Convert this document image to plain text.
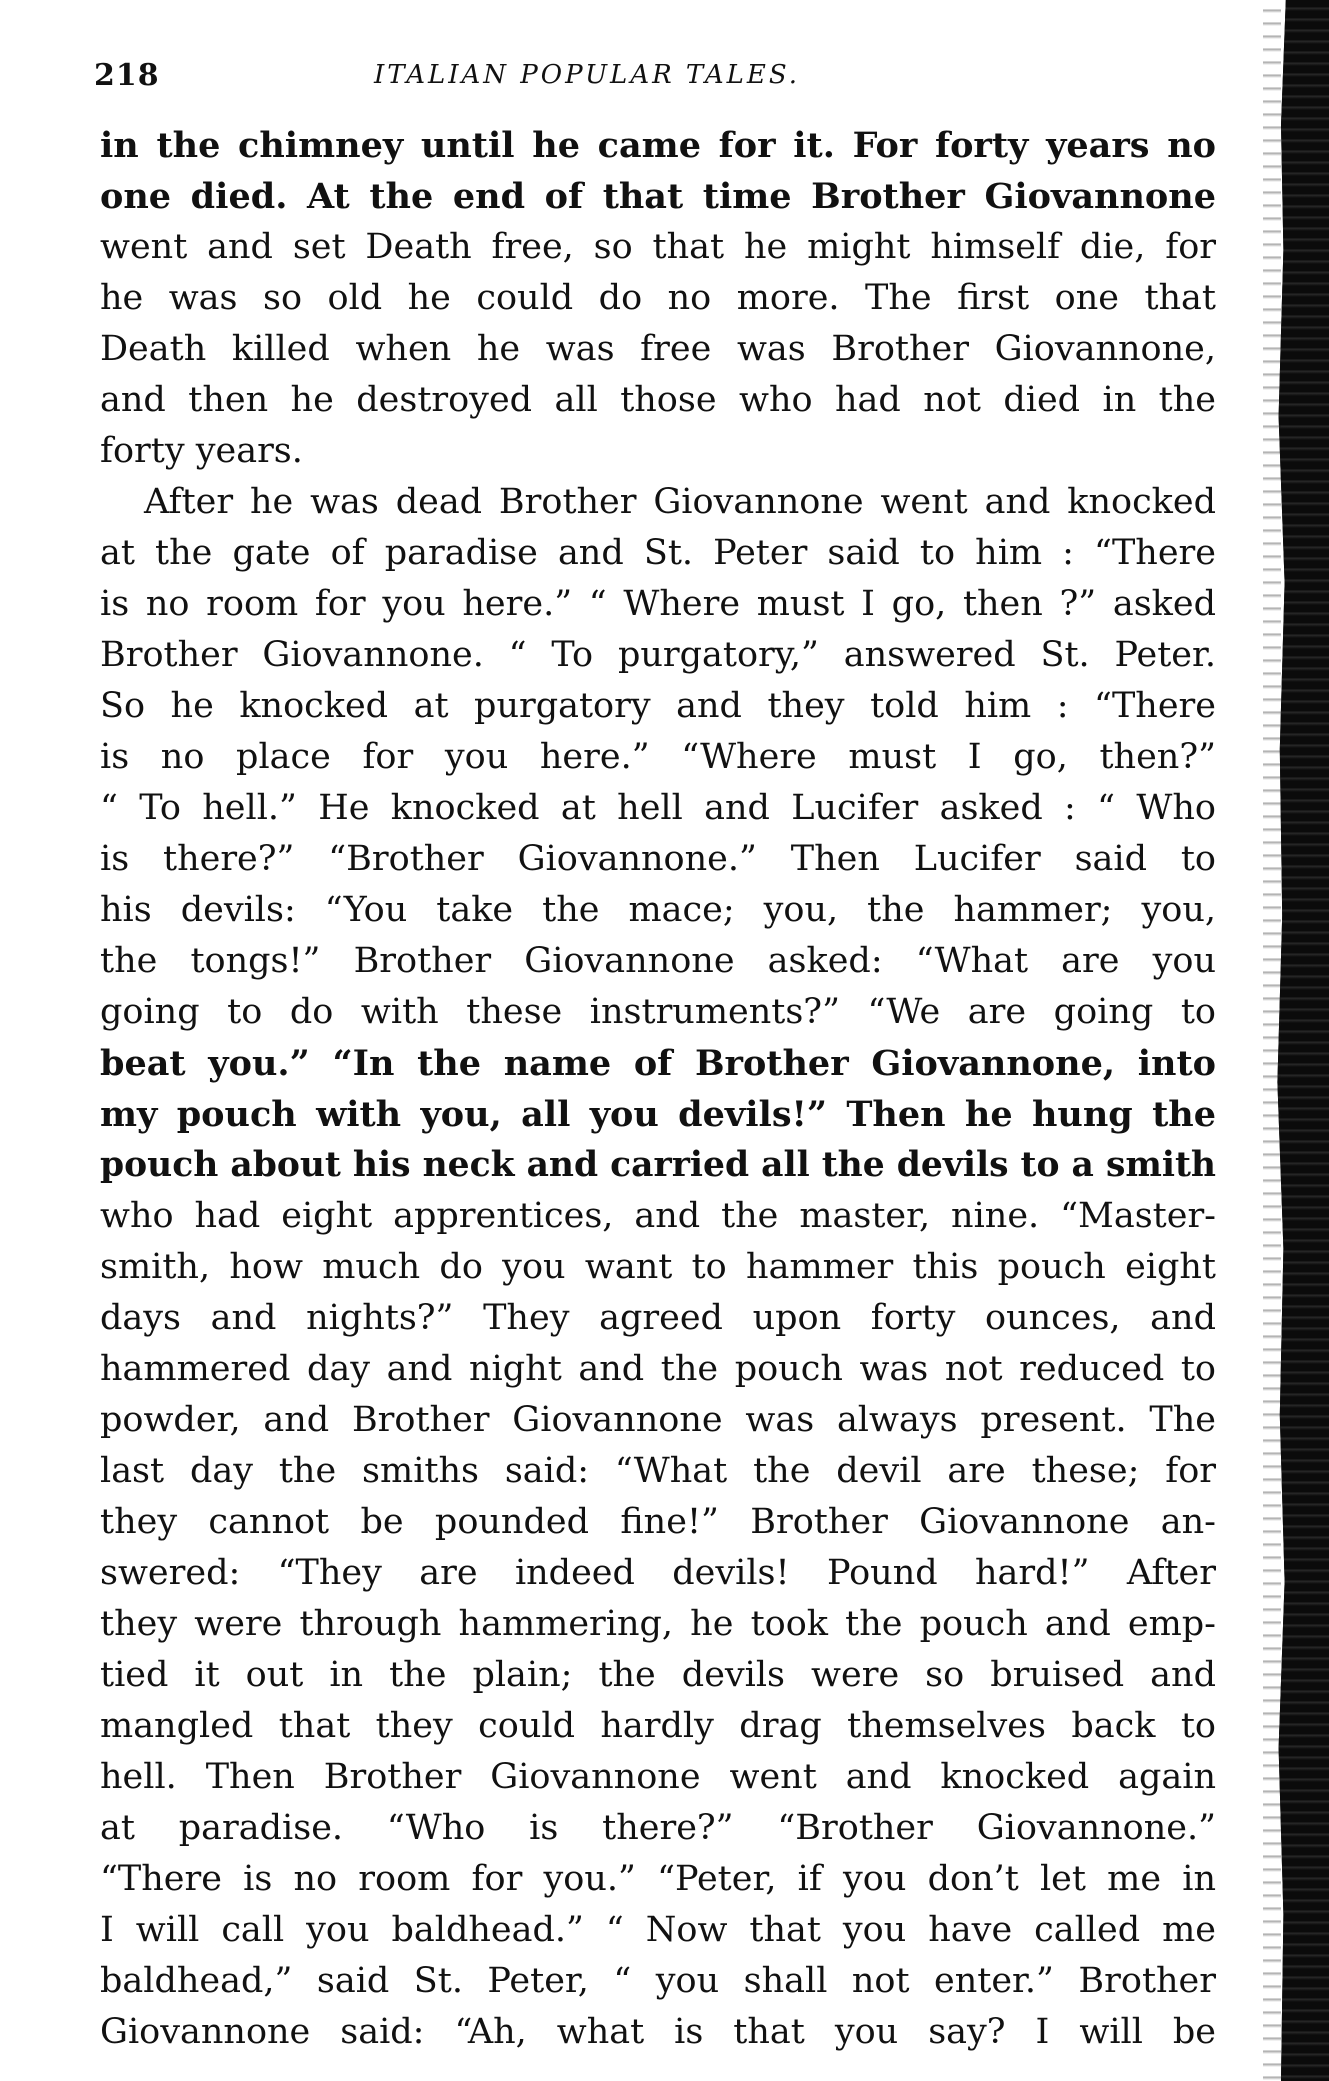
218	ITALIAN POPULAR TALES.
in the chimney until he came for it. For forty years no
one died. At the end of that time Brother Giovannone
went and set Death free, so that he might himself die, for
he was so old he could do no more. The first one that
Death killed when he was free was Brother Giovannone,
and then he destroyed all those who had not died in the
forty years.
After he was dead Brother Giovannone went and knocked
at the gate of paradise and St. Peter said to him : “There
is no room for you here.” “ Where must I go, then ?” asked
Brother Giovannone. “ To purgatory,” answered St. Peter.
So he knocked at purgatory and they told him : “There
is no place for you here.” “Where must I go, then?”
“ To hell.” He knocked at hell and Lucifer asked : “ Who
is there?” “Brother Giovannone.” Then Lucifer said to
his devils: “You take the mace; you, the hammer; you,
the tongs!” Brother Giovannone asked: “What are you
going to do with these instruments?” “We are going to
beat you.” “In the name of Brother Giovannone, into
my pouch with you, all you devils!” Then he hung the
pouch about his neck and carried all the devils to a smith
who had eight apprentices, and the master, nine. “Master-
smith, how much do you want to hammer this pouch eight
days and nights?” They agreed upon forty ounces, and
hammered day and night and the pouch was not reduced to
powder, and Brother Giovannone was always present. The
last day the smiths said: “What the devil are these; for
they cannot be pounded fine!” Brother Giovannone an-
swered: “They are indeed devils! Pound hard!” After
they were through hammering, he took the pouch and emp-
tied it out in the plain; the devils were so bruised and
mangled that they could hardly drag themselves back to
hell. Then Brother Giovannone went and knocked again
at paradise. “Who is there?” “Brother Giovannone.”
“There is no room for you.” “Peter, if you don’t let me in
I will call you baldhead.” “ Now that you have called me
baldhead,” said St. Peter, “ you shall not enter.” Brother
Giovannone said: “Ah, what is that you say? I will be
